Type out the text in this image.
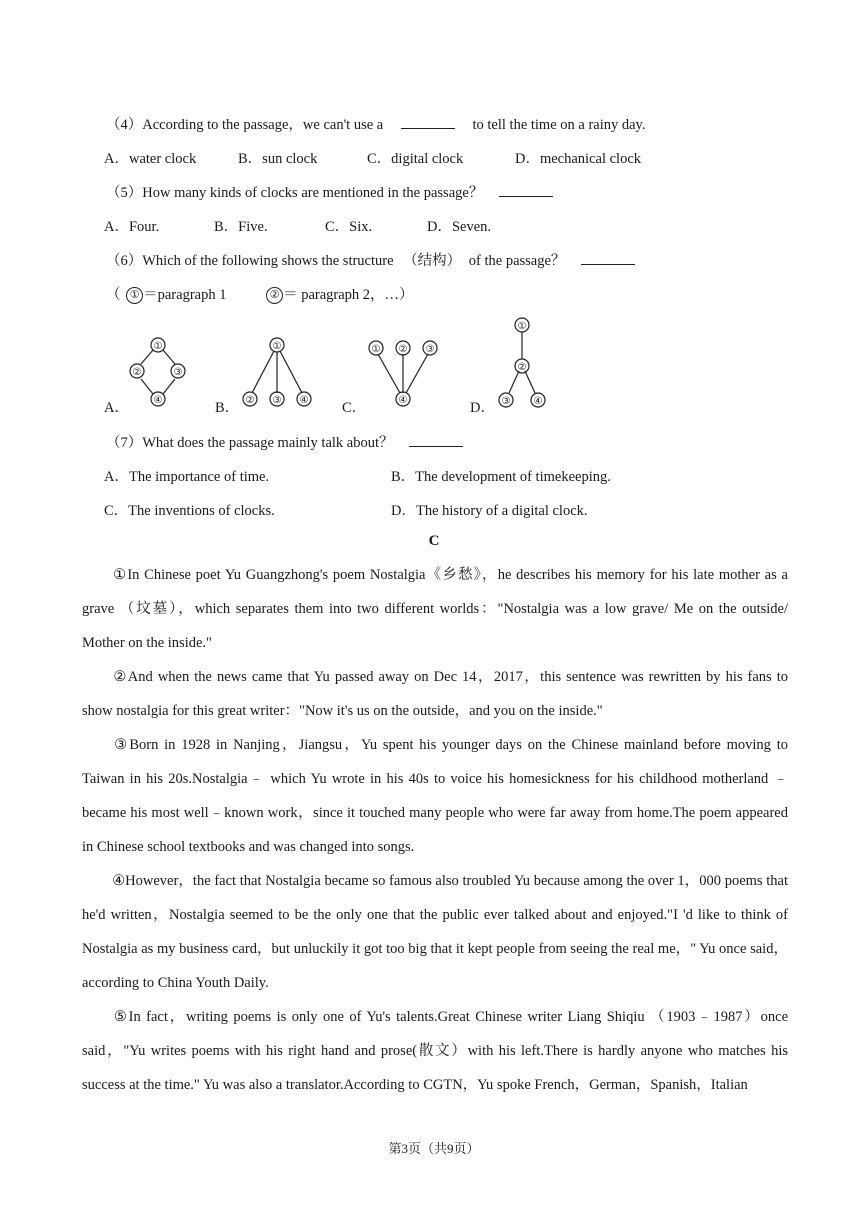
（4）According to the passage，we can't use a	to tell the time on a rainy day.
A．water clock	B．sun clock	C．digital clock	D．mechanical clock
（5）How many kinds of clocks are mentioned in the passage？
A．Four.	B．Five.	C．Six.	D．Seven.
（6）Which of the following shows the structure （结构） of the passage？
（ ① ＝paragraph 1	② ＝ paragraph 2，…）
A．
①
②	③
④	B．
①
② ③ ④ C．
① ② ③
④	D．
①
②
③ ④
（7）What does the passage mainly talk about？
A．The importance of time.	B．The development of timekeeping.
C．The inventions of clocks.	D．The history of a digital clock.
C
①In Chinese poet Yu Guangzhong's poem Nostalgia《乡愁》，he describes his memory for his late mother as a grave （坟墓），which separates them into two different worlds："Nostalgia was a low grave/ Me on the outside/ Mother on the inside."
②And when the news came that Yu passed away on Dec 14，2017，this sentence was rewritten by his fans to show nostalgia for this great writer："Now it's us on the outside，and you on the inside."
③Born in 1928 in Nanjing，Jiangsu，Yu spent his younger days on the Chinese mainland before moving to Taiwan in his 20s.Nostalgia﹣ which Yu wrote in his 40s to voice his homesickness for his childhood motherland ﹣ became his most well﹣known work，since it touched many people who were far away from home.The poem appeared in Chinese school textbooks and was changed into songs.
④However，the fact that Nostalgia became so famous also troubled Yu because among the over 1，000 poems that he'd written，Nostalgia seemed to be the only one that the public ever talked about and enjoyed."I 'd like to think of Nostalgia as my business card，but unluckily it got too big that it kept people from seeing the real me，" Yu once said，according to China Youth Daily.
⑤In fact，writing poems is only one of Yu's talents.Great Chinese writer Liang Shiqiu （1903﹣1987）once said，"Yu writes poems with his right hand and prose(散文）with his left.There is hardly anyone who matches his success at the time." Yu was also a translator.According to CGTN，Yu spoke French，German，Spanish，Italian
第3页（共9页）
